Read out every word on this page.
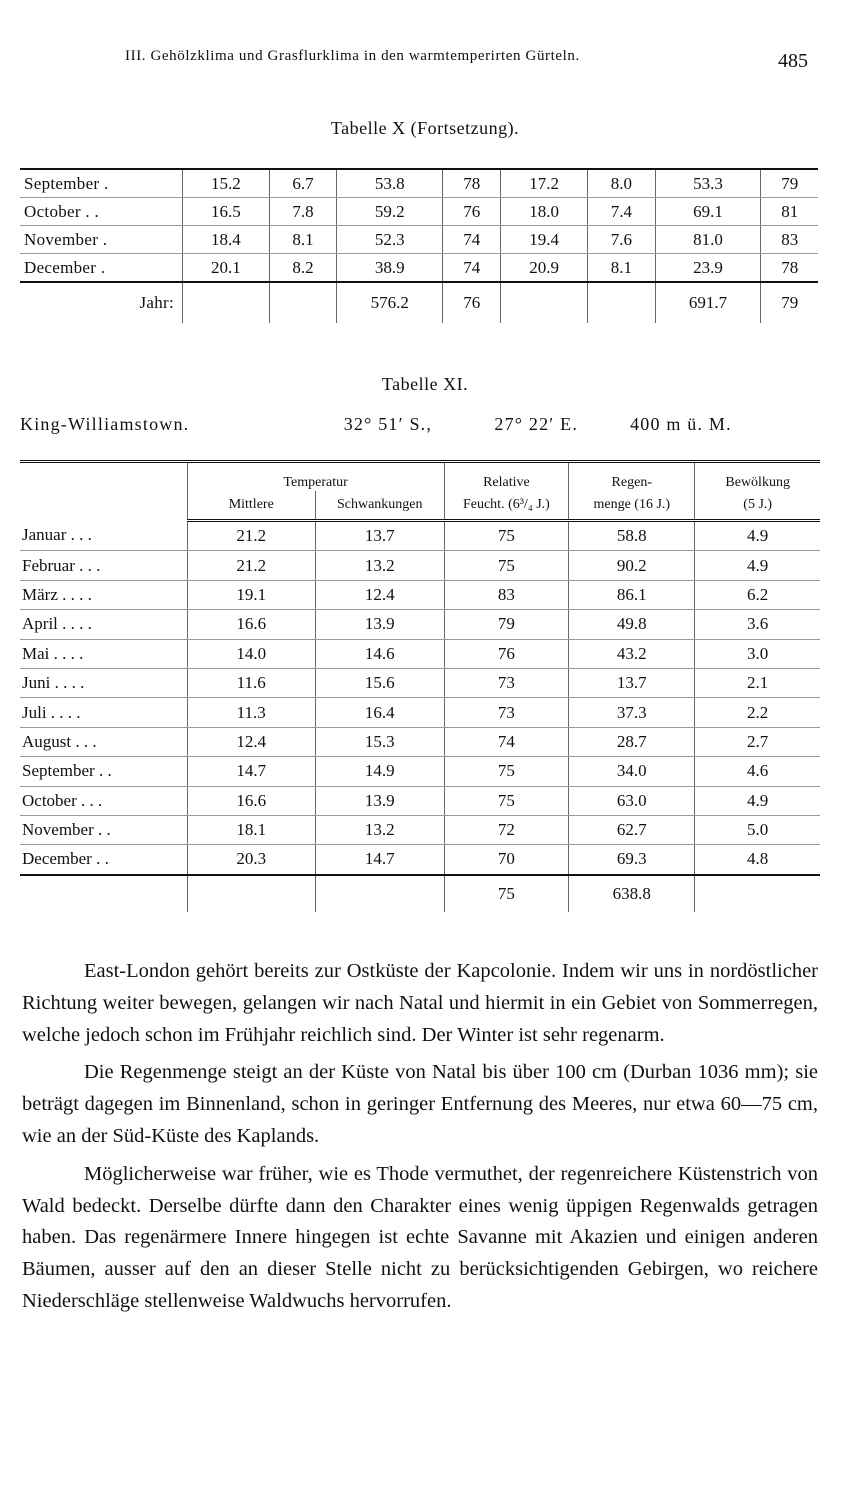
III. Gehölzklima und Grasflurklima in den warmtemperirten Gürteln.	485
Tabelle X (Fortsetzung).
September .	15.2	6.7	53.8	78	17.2	8.0	53.3	79
October . .	16.5	7.8	59.2	76	18.0	7.4	69.1	81
November .	18.4	8.1	52.3	74	19.4	7.6	81.0	83
December .	20.1	8.2	38.9	74	20.9	8.1	23.9	78
Jahr:			576.2	76			691.7	79
Tabelle XI.
King-Williamstown.	32° 51′ S.,	27° 22′ E.	400 m ü. M.
	Temperatur		Relative	Regen-	Bewölkung
	Mittlere	Schwankungen	Feucht. (6³/₄ J.)	menge (16 J.)	(5 J.)
Januar . . .	21.2	13.7	75	58.8	4.9
Februar . . .	21.2	13.2	75	90.2	4.9
März . . . .	19.1	12.4	83	86.1	6.2
April . . . .	16.6	13.9	79	49.8	3.6
Mai . . . .	14.0	14.6	76	43.2	3.0
Juni . . . .	11.6	15.6	73	13.7	2.1
Juli . . . .	11.3	16.4	73	37.3	2.2
August . . .	12.4	15.3	74	28.7	2.7
September . .	14.7	14.9	75	34.0	4.6
October . . .	16.6	13.9	75	63.0	4.9
November . .	18.1	13.2	72	62.7	5.0
December . .	20.3	14.7	70	69.3	4.8
			75	638.8	

East-London gehört bereits zur Ostküste der Kapcolonie. Indem wir uns in nordöstlicher Richtung weiter bewegen, gelangen wir nach Natal und hiermit in ein Gebiet von Sommerregen, welche jedoch schon im Frühjahr reichlich sind. Der Winter ist sehr regenarm.

Die Regenmenge steigt an der Küste von Natal bis über 100 cm (Durban 1036 mm); sie beträgt dagegen im Binnenland, schon in geringer Entfernung des Meeres, nur etwa 60—75 cm, wie an der Süd-Küste des Kaplands.

Möglicherweise war früher, wie es Thode vermuthet, der regenreichere Küstenstrich von Wald bedeckt. Derselbe dürfte dann den Charakter eines wenig üppigen Regenwalds getragen haben. Das regenärmere Innere hingegen ist echte Savanne mit Akazien und einigen anderen Bäumen, ausser auf den an dieser Stelle nicht zu berücksichtigenden Gebirgen, wo reichere Niederschläge stellenweise Waldwuchs hervorrufen.
